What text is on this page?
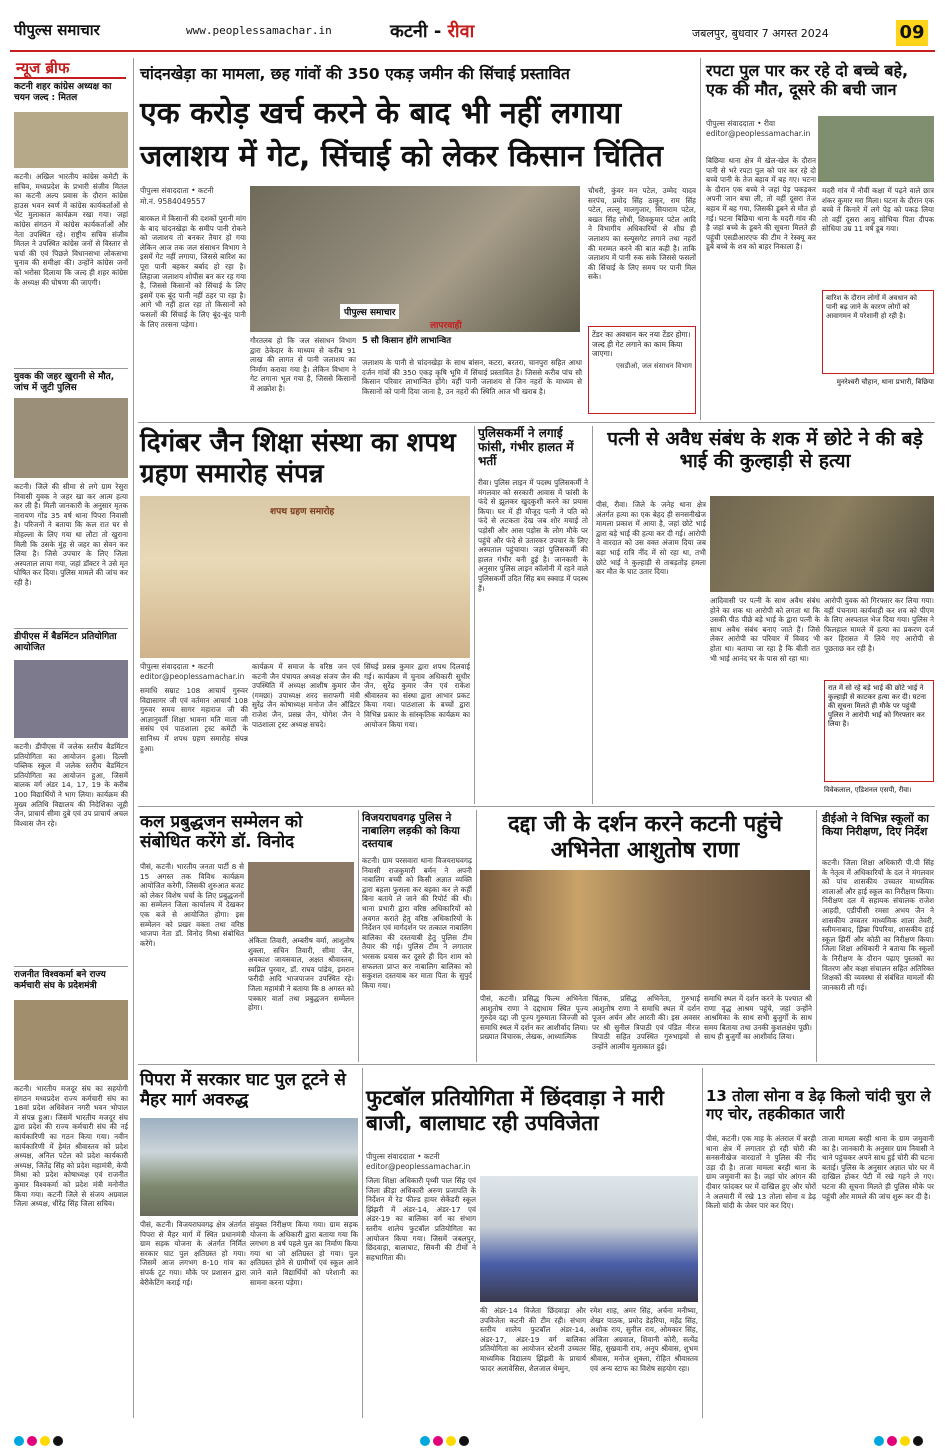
पीपुल्स समाचार	www.peoplessamachar.in	कटनी - रीवा	जबलपुर, बुधवार 7 अगस्त 2024	09
न्यूज ब्रीफ
कटनी शहर कांग्रेस अध्यक्ष का चयन जल्द : मितल
कटनी। अखिल भारतीय कांग्रेस कमेटी के सचिव, मध्यप्रदेश के प्रभारी संजीव मितल का कटनी अल्प प्रवास के दौरान कांग्रेस हाउस भवन स्वर्ण में कांग्रेस कार्यकर्ताओं से भेंट मुलाकात कार्यक्रम रखा गया। जहां कांग्रेस संगठन में कांग्रेस कार्यकर्ताओं और नेता उपस्थित रहे। राष्ट्रीय सचिव संजीव मितल ने उपस्थित कांग्रेस जनों से विस्तार से चर्चा की एवं पिछले विधानसभा लोकसभा चुनाव की समीक्षा की। उन्होंने कांग्रेस जनों को भरोसा दिलाया कि जल्द ही शहर कांग्रेस के अध्यक्ष की घोषणा की जाएगी।
युवक की जहर खुरानी से मौत, जांच में जुटी पुलिस
कटनी। जिले की सीमा से लगे ग्राम रेसुरा निवासी युवक ने जहर खा कर आत्म हत्या कर ली है। मिली जानकारी के अनुसार मृतक नारायण गोंड 35 वर्ष थाना पिपरा निवासी है। परिजनों ने बताया कि कल रात घर से मोहल्ला के लिए गया था लौटा तो खुराना मिली कि उसके मुंह से जहर का सेवन कर लिया है। जिसे उपचार के लिए जिला अस्पताल लाया गया, जहां डॉक्टर ने उसे मृत घोषित कर दिया। पुलिस मामले की जांच कर रही है।
डीपीएस में बैडमिंटन प्रतियोगिता आयोजित
कटनी। डीपीएस में जलेक स्तरीय बैडमिंटन प्रतियोगिता का आयोजन हुआ। दिल्ली पब्लिक स्कूल में जलेक स्तरीय बैडमिंटन प्रतियोगिता का आयोजन हुआ, जिसमें बालक वर्ग अंडर 14, 17, 19 के करीब 100 विद्यार्थियों ने भाग लिया। कार्यक्रम की मुख्य अतिथि विद्यालय की निदेशिका जूही जैन, प्राचार्य सीमा दुबे एवं उप प्राचार्य अचल विश्वास जैन रहे।
राजनीत विश्वकर्मा बने राज्य कर्मचारी संघ के प्रदेशमंत्री
कटनी। भारतीय मजदूर संघ का सहयोगी संगठन मध्यप्रदेश राज्य कर्मचारी संघ का 18वां प्रदेश अधिवेशन नगरी भवन भोपाल में संपन्न हुआ। जिसमें भारतीय मजदूर संघ द्वारा प्रदेश की राज्य कर्मचारी संघ की नई कार्यकारिणी का गठन किया गया। नवीन कार्यकारिणी में हेमंत श्रीवास्तव को प्रदेश अध्यक्ष, अनिल पटेल को प्रदेश कार्यकारी अध्यक्ष, जितेंद्र सिंह को प्रदेश महामंत्री, केपी मिश्रा को प्रदेश कोषाध्यक्ष एवं राजनीत कुमार विश्वकर्मा को प्रदेश मंत्री मनोनीत किया गया। कटनी जिले से संजय अग्रवाल जिला अध्यक्ष, धीरेंद्र सिंह जिला सचिव।
चांदनखेड़ा का मामला, छह गांवों की 350 एकड़ जमीन की सिंचाई प्रस्तावित
एक करोड़ खर्च करने के बाद भी नहीं लगाया
जलाशय में गेट, सिंचाई को लेकर किसान चिंतित
पीपुल्स संवाददाता • कटनी
मो.नं. 9584049557
पीपुल्स समाचार
लापरवाही
बारकल में किसानों की दशकों पुरानी मांग के बाद चांदनखेड़ा के समीप पानी रोकने को जलाशय तो बनकर तैयार हो गया लेकिन आज तक जल संसाधन विभाग ने इसमें गेट नहीं लगाया, जिससे बारिश का पूरा पानी बहकर बर्बाद हो रहा है। लिहाजा जलाशय शोपीस बन कर रह गया है, जिससे किसानों को सिंचाई के लिए इसमें एक बूंद पानी नहीं ठहर पा रहा है। आगे भी नहीं हाल रहा तो किसानों को फसलों की सिंचाई के लिए बूंद-बूंद पानी के लिए तरसना पड़ेगा।
गौरतलब हो कि जल संसाधन विभाग द्वारा ठेकेदार के माध्यम से करीब 91 लाख की लागत से पानी जलाशय का निर्माण कराया गया है। लेकिन विभाग ने गेट लगाना भूल गया है, जिससे किसानों में आक्रोश है।
5 सौ किसान होंगे लाभान्वित
जलाशय के पानी से चांदनखेड़ा के साथ बांसन, कटरा, बरतरा, चानपुरा सहित आधा दर्जन गांवों की 350 एकड़ कृषि भूमि में सिंचाई प्रस्तावित है। जिससे करीब पांच सौ किसान परिवार लाभान्वित होंगे। वहीं पानी जलाशय से जिन नहरों के माध्यम से किसानों को पानी दिया जाना है, उन नहरों की स्थिति आज भी खराब है।
चौधरी, कुंवर मन पटेल, उम्मेद यादव सरपंच, प्रमोद सिंह ठाकुर, राम सिंह पटेल, लल्लू मालगुजार, सियाराम पटेल, बखत सिंह लोधी, शिवकुमार पटेल आदि ने विभागीय अधिकारियों से शीघ्र ही जलाशय का स्ल्यूसगेट लगाने तथा नहरों की मरम्मत करने की बात कही है। ताकि जलाशय में पानी रुक सके जिससे फसलों की सिंचाई के लिए समय पर पानी मिल सके।
टेंडर का अवधान कर नया टेंडर होगा। जल्द ही गेट लगाने का काम किया जाएगा।
एसडीओ, जल संसाधन विभाग
रपटा पुल पार कर रहे दो बच्चे बहे, एक की मौत, दूसरे की बची जान
पीपुल्स संवाददाता • रीवा
editor@peoplessamachar.in
बिछिया थाना क्षेत्र में खेल-खेल के दौरान पानी से भरे रपटा पुल को पार कर रहे दो बच्चे पानी के तेज बहाव में बह गए। घटना के दौरान एक बच्चे ने जहां पेड़ पकड़कर अपनी जान बचा ली, तो वहीं दूसरा तेज बहाव में बह गया, जिसकी डूबने से मौत हो गई। घटना बिछिया थाना के मदरी गांव की है जहां बच्चे के डूबने की सूचना मिलते ही पहुंची एसडीआरएफ की टीम ने रेस्क्यू कर डूबे बच्चे के शव को बाहर निकाला है।
मदरी गांव में नौवीं कक्षा में पढ़ने वाले छात्र शंकर कुमार मरा मिला। घटना के दौरान एक बच्चे ने किनारे में लगे पेड़ को पकड़ लिया तो वहीं दूसरा आयु सोभिया पिता दीपक सोधिया उम्र 11 वर्ष डूब गया।
बारिश के दौरान लोगों में अवधान को पानी बढ़ जाने के कारण लोगों को आवागमन में परेशानी हो रही है।
मुनरेश्वरी चौहान, थाना प्रभारी, बिछिया
दिगंबर जैन शिक्षा संस्था का शपथ ग्रहण समारोह संपन्न
शपथ ग्रहण समारोह
पीपुल्स संवाददाता • कटनी
editor@peoplessamachar.in
समाधि सम्राट 108 आचार्य गुरुवर विद्यासागर जी एवं वर्तमान आचार्य 108 गुरुवर समय सागर महाराज जी की आज्ञानुवर्ती शिक्षा भावना मति माता जी ससंघ एवं पाठशाला ट्रस्ट कमेटी के सानिध्य में शपथ ग्रहण समारोह संपन्न हुआ।
कार्यक्रम में समाज के वरिष्ठ जन एवं कटनी जैन पंचायत अध्यक्ष संजय जैन की उपस्थिति में अध्यक्ष आशीष कुमार जैन (गमछा) उपाध्यक्ष शरद सराफगी मंत्री सुरेंद्र जैन कोषाध्यक्ष मनोज जैन ऑडिटर राजेश जैन, प्रसन्न जैन, योगेश जैन ने पाठशाला ट्रस्ट अध्यक्ष सचदे।
सिंघई प्रसन्न कुमार द्वारा शपथ दिलवाई गई। कार्यक्रम में चुनाव अधिकारी सुधीर जैन, सुरेंद्र कुमार जैन एवं राकेश श्रीवास्तव का संस्था द्वारा आभार प्रकट किया गया। पाठशाला के बच्चों द्वारा विभिन्न प्रकार के सांस्कृतिक कार्यक्रम का आयोजन किया गया।
पुलिसकर्मी ने लगाई फांसी, गंभीर हालत में भर्ती
रीवा। पुलिस लाइन में पदस्थ पुलिसकर्मी ने मंगलवार को सरकारी आवास में फांसी के फंदे से झूलकर खुदकुशी करने का प्रयास किया। घर में ही मौजूद पत्नी ने पति को फंदे से लटकता देख जब शोर मचाई तो पड़ोसी और आस पड़ोस के लोग मौके पर पहुंचे और फंदे से उतारकर उपचार के लिए अस्पताल पहुंचाया। जहां पुलिसकर्मी की हालत गंभीर बनी हुई है। जानकारी के अनुसार पुलिस लाइन कॉलोनी में रहने वाले पुलिसकर्मी उदित सिंह बम स्क्वाड में पदस्थ हैं।
पत्नी से अवैध संबंध के शक में छोटे ने की बड़े भाई की कुल्हाड़ी से हत्या
पीसं, रीवा। जिले के जनेह थाना क्षेत्र अंतर्गत हत्या का एक बेहद ही सनसनीखेज मामला प्रकाश में आया है, जहां छोटे भाई द्वारा बड़े भाई की हत्या कर दी गई। आरोपी ने वारदात को उस वक्त अंजाम दिया जब बड़ा भाई रात्रि नींद में सो रहा था, तभी छोटे भाई ने कुल्हाड़ी से ताबड़तोड़ हमला कर मौत के घाट उतार दिया।
आदिवासी पर पत्नी के साथ अवैध संबंध होने का शक था आरोपी को लगता था कि उसकी पीठ पीछे बड़े भाई के द्वारा पत्नी के साथ अवैध संबंध बनाए जाते हैं। जिसे लेकर आरोपी का परिवार में विवाद भी होता था। बताया जा रहा है कि बीती रात भी भाई आनंद घर के पास सो रहा था।
आरोपी युवक को गिरफ्तार कर लिया गया। वहीं पंचनामा कार्यवाही कर शव को पीएम के लिए अस्पताल भेज दिया गया। पुलिस ने फिलहाल मामले में हत्या का प्रकरण दर्ज कर हिरासत में लिये गए आरोपी से पूछताछ कर रही है।
रात में सो रहे बड़े भाई की छोटे भाई ने कुल्हाड़ी से काटकर हत्या कर दी। घटना की सूचना मिलते ही मौके पर पहुंची पुलिस ने आरोपी भाई को गिरफ्तार कर लिया है।
विवेकलाल, एडिशनल एसपी, रीवा।
कल प्रबुद्धजन सम्मेलन को संबोधित करेंगे डॉ. विनोद
पीसं, कटनी। भारतीय जनता पार्टी 8 से 15 अगस्त तक विविध कार्यक्रम आयोजित करेगी, जिसकी शुरुआत बजट को लेकर विशेष चर्चा के लिए प्रबुद्धजनों का सम्मेलन जिला कार्यालय में देखकर एक बजे से आयोजित होगा। इस सम्मेलन को प्रखर वक्ता तथा वरिष्ठ भाजपा नेता डॉ. विनोद मिश्रा संबोधित करेंगे।	अंकिता तिवारी, अम्बरीष वर्मा, आशुतोष शुक्ला, सचिन तिवारी, सीमा जैन, अवकाश जायसवाल, अक्षत श्रीवास्तव, स्वप्निल पुरवार, डॉ. राघव पांडेय, इमरान फरीदी आदि भाजपाजन उपस्थित रहे। जिला महामंत्री ने बताया कि 8 अगस्त को पत्रकार वार्ता तथा प्रबुद्धजन सम्मेलन होगा।
विजयराघवगढ़ पुलिस ने नाबालिग लड़की को किया दस्तयाब
कटनी। ग्राम परसवारा थाना विजयराघवगढ़ निवासी राजकुमारी बर्मन ने अपनी नाबालिग बच्ची को किसी अज्ञात व्यक्ति द्वारा बहला फुसला कर बहका कर ले कहीं बिना बताये ले जाने की रिपोर्ट की थी। थाना प्रभारी द्वारा वरिष्ठ अधिकारियों को अवगत कराते हेतु वरिष्ठ अधिकारियों के निर्देशन एवं मार्गदर्शन पर तत्काल नाबालिग बालिका की दस्तयाबी हेतु पुलिस टीम तैयार की गई। पुलिस टीम ने लगातार भरसक प्रयास कर दूसरे ही दिन शाम को सफलता प्राप्त कर नाबालिग बालिका को सकुशल दस्तयाब कर माता पिता के सुपुर्द किया गया।
दद्दा जी के दर्शन करने कटनी पहुंचे अभिनेता आशुतोष राणा
पीसं, कटनी। प्रसिद्ध फिल्म अभिनेता आशुतोष राणा ने दद्दाधाम स्थित पूज्य गुरुदेव दद्दा जी पूज्य गुरुमाता जिज्जी को समाधि स्थल में दर्शन कर आशीर्वाद लिया। प्रख्यात विचारक, लेखक, आध्यात्मिक
चिंतक, प्रसिद्ध अभिनेता, गुरुभाई आशुतोष राणा ने समाधि स्थल में दर्शन पूजन अर्चन और आरती की। इस अवसर पर श्री सुनील त्रिपाठी एवं पंडित नीरज त्रिपाठी सहित उपस्थित गुरुभाइयों से उन्होंने आत्मीय मुलाकात हुई।
समाधि स्थल में दर्शन करने के पश्चात श्री राणा वृद्ध आश्रम पहुंचे, जहां उन्होंने आश्रमिका के साथ सभी बुजुर्गों के साथ समय बिताया तथा उनकी कुशलक्षेम पूछी। साथ ही बुजुर्गों का आशीर्वाद लिया।
डीईओ ने विभिन्न स्कूलों का किया निरीक्षण, दिए निर्देश
कटनी। जिला शिक्षा अधिकारी पी.पी सिंह के नेतृत्व में अधिकारियों के दल ने मंगलवार को पांच शासकीय उच्चतर माध्यमिक शालाओं और हाई स्कूल का निरीक्षण किया। निरीक्षण दल में सहायक संचालक राजेश आहदी, एडीपीसी रमसा अभय जैन ने शासकीय उच्चतर माध्यमिक शाला तेवरी, स्लीमनाबाद, झिन्ना पिपरिया, शासकीय हाई स्कूल झिर्री और कोठी का निरीक्षण किया। जिला शिक्षा अधिकारी ने बताया कि स्कूलों के निरीक्षण के दौरान पढ़ाए पुस्तकों का वितरण और कक्षा संचालन सहित अतिरिक्त शिक्षकों की व्यवस्था से संबंधित मामलों की जानकारी ली गई।
पिपरा में सरकार घाट पुल टूटने से मैहर मार्ग अवरुद्ध
पीसं, कटनी। विजयराघवगढ़ क्षेत्र अंतर्गत पिपरा से मैहर मार्ग में स्थित प्रधानमंत्री ग्राम सड़क योजना के अंतर्गत निर्मित सरकार घाट पुल क्षतिग्रस्त हो गया। जिसमें आज लगभग 8-10 गांव का संपर्क टूट गया। मौके पर प्रशासन द्वारा बेरीकेटिंग कराई गई।
संयुक्त निरीक्षण किया गया। ग्राम सड़क योजना के अधिकारी द्वारा बताया गया कि लगभग 8 वर्ष पहले पुल का निर्माण किया गया था जो क्षतिग्रस्त हो गया। पुल क्षतिग्रस्त होने से ग्रामीणों एवं स्कूल आने जाने वाले विद्यार्थियों को परेशानी का सामना करना पड़ेगा।
फुटबॉल प्रतियोगिता में छिंदवाड़ा ने मारी बाजी, बालाघाट रही उपविजेता
पीपुल्स संवाददाता • कटनी
editor@peoplessamachar.in
जिला शिक्षा अधिकारी पृथ्वी पाल सिंह एवं जिला क्रीड़ा अधिकारी अरुण प्रजापति के निर्देशन में रेड फील्ड हायर सेकेंडरी स्कूल झिंझरी में अंडर-14, अंडर-17 एवं अंडर-19 का बालिका वर्ग का संभाग स्तरीय शालेय फुटबॉल प्रतियोगिता का आयोजन किया गया। जिसमें जबलपुर, छिंदवाड़ा, बालाघाट, सिवनी की टीमों ने सहभागिता की।
की अंडर-14 विजेता छिंदवाड़ा और उपविजेता कटनी की टीम रही। संभाग स्तरीय शालेय फुटबॉल अंडर-14, अंडर-17, अंडर-19 वर्ग बालिका प्रतियोगिता का आयोजन स्टेशनी उच्चतर माध्यमिक विद्यालय झिंझरी के प्राचार्य फादर अलावेसिस, शैलजाल थेम्मुन,
रमेश शाह, अमर सिंह, अर्चना मनीष्या, शेखर पाठक, प्रमोद डेहरिया, महेंद्र सिंह, अशोक राय, सुनील राय, ओमकार सिंह, अंजिता अग्रवाल, शिवानी कोरी, सत्येंद्र सिंह, सुखवानी राय, अनूप श्रीवास, शुभम श्रीवास, मनोज शुक्ला, रोहित श्रीवास्तव एवं अन्य स्टाफ का विशेष सहयोग रहा।
13 तोला सोना व डेढ़ किलो चांदी चुरा ले गए चोर, तहकीकात जारी
पीसं, कटनी। एक माह के अंतराल में बरही थाना क्षेत्र में लगातार हो रही चोरी की सनसनीखेज वारदातों ने पुलिस की नींद उड़ा दी है। ताजा मामला बरही थाना के ग्राम जमुवानी का है। जहां चोर आंगन की दीवार फांदकर घर में दाखिल हुए और चोरों ने अलमारी में रखे 13 तोला सोना व डेढ़ किलो चांदी के जेवर पार कर दिए।
ताजा मामला बरही थाना के ग्राम जमुवानी का है। जानकारी के अनुसार ग्राम निवासी ने थाने पहुंचकर अपने साथ हुई चोरी की घटना बताई। पुलिस के अनुसार अज्ञात चोर घर में दाखिल होकर पेटी में रखे गहने ले गए। घटना की सूचना मिलते ही पुलिस मौके पर पहुंची और मामले की जांच शुरू कर दी है।
